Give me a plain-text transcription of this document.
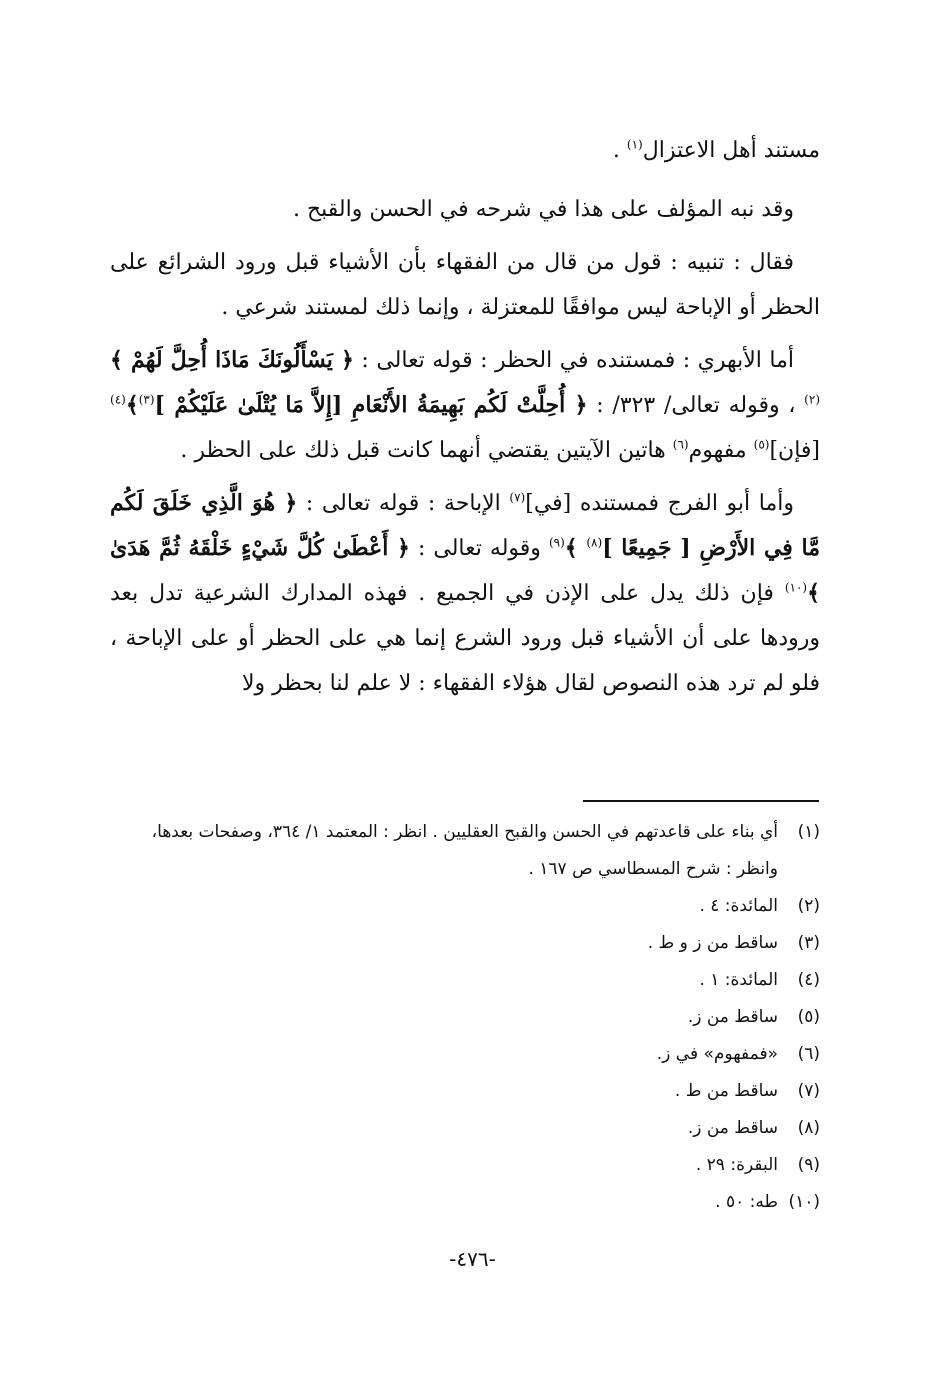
مستند أهل الاعتزال$^{(١)}$ .

وقد نبه المؤلف على هذا في شرحه في الحسن والقبح .

فقال : تنبيه : قول من قال من الفقهاء بأن الأشياء قبل ورود الشرائع على الحظر أو الإباحة ليس موافقًا للمعتزلة ، وإنما ذلك لمستند شرعي .

أما الأبهري : فمستنده في الحظر : قوله تعالى : ﴿ يَسْأَلُونَكَ مَاذَا أُحِلَّ لَهُمْ ﴾$^{(٢)}$ ، وقوله تعالى/ ٣٢٣/ : ﴿ أُحِلَّتْ لَكُم بَهِيمَةُ الأَنْعَامِ [إِلاَّ مَا يُتْلَىٰ عَلَيْكُمْ ]$^{(٣)}$﴾$^{(٤)}$ [فإن]$^{(٥)}$ مفهوم$^{(٦)}$ هاتين الآيتين يقتضي أنهما كانت قبل ذلك على الحظر .

وأما أبو الفرج فمستنده [في]$^{(٧)}$ الإباحة : قوله تعالى : ﴿ هُوَ الَّذِي خَلَقَ لَكُم مَّا فِي الأَرْضِ [ جَمِيعًا ]$^{(٨)}$ ﴾$^{(٩)}$ وقوله تعالى : ﴿ أَعْطَىٰ كُلَّ شَيْءٍ خَلْقَهُ ثُمَّ هَدَىٰ ﴾$^{(١٠)}$ فإن ذلك يدل على الإذن في الجميع . فهذه المدارك الشرعية تدل بعد ورودها على أن الأشياء قبل ورود الشرع إنما هي على الحظر أو على الإباحة ، فلو لم ترد هذه النصوص لقال هؤلاء الفقهاء : لا علم لنا بحظر ولا

(١)
أي بناء على قاعدتهم في الحسن والقبح العقليين . انظر : المعتمد ١/ ٣٦٤، وصفحات بعدها، وانظر : شرح المسطاسي ص ١٦٧ .
(٢)
المائدة: ٤ .
(٣)
ساقط من ز و ط .
(٤)
المائدة: ١ .
(٥)
ساقط من ز.
(٦)
«فمفهوم» في ز.
(٧)
ساقط من ط .
(٨)
ساقط من ز.
(٩)
البقرة: ٢٩ .
(١٠)
طه: ٥٠ .
-٤٧٦-
